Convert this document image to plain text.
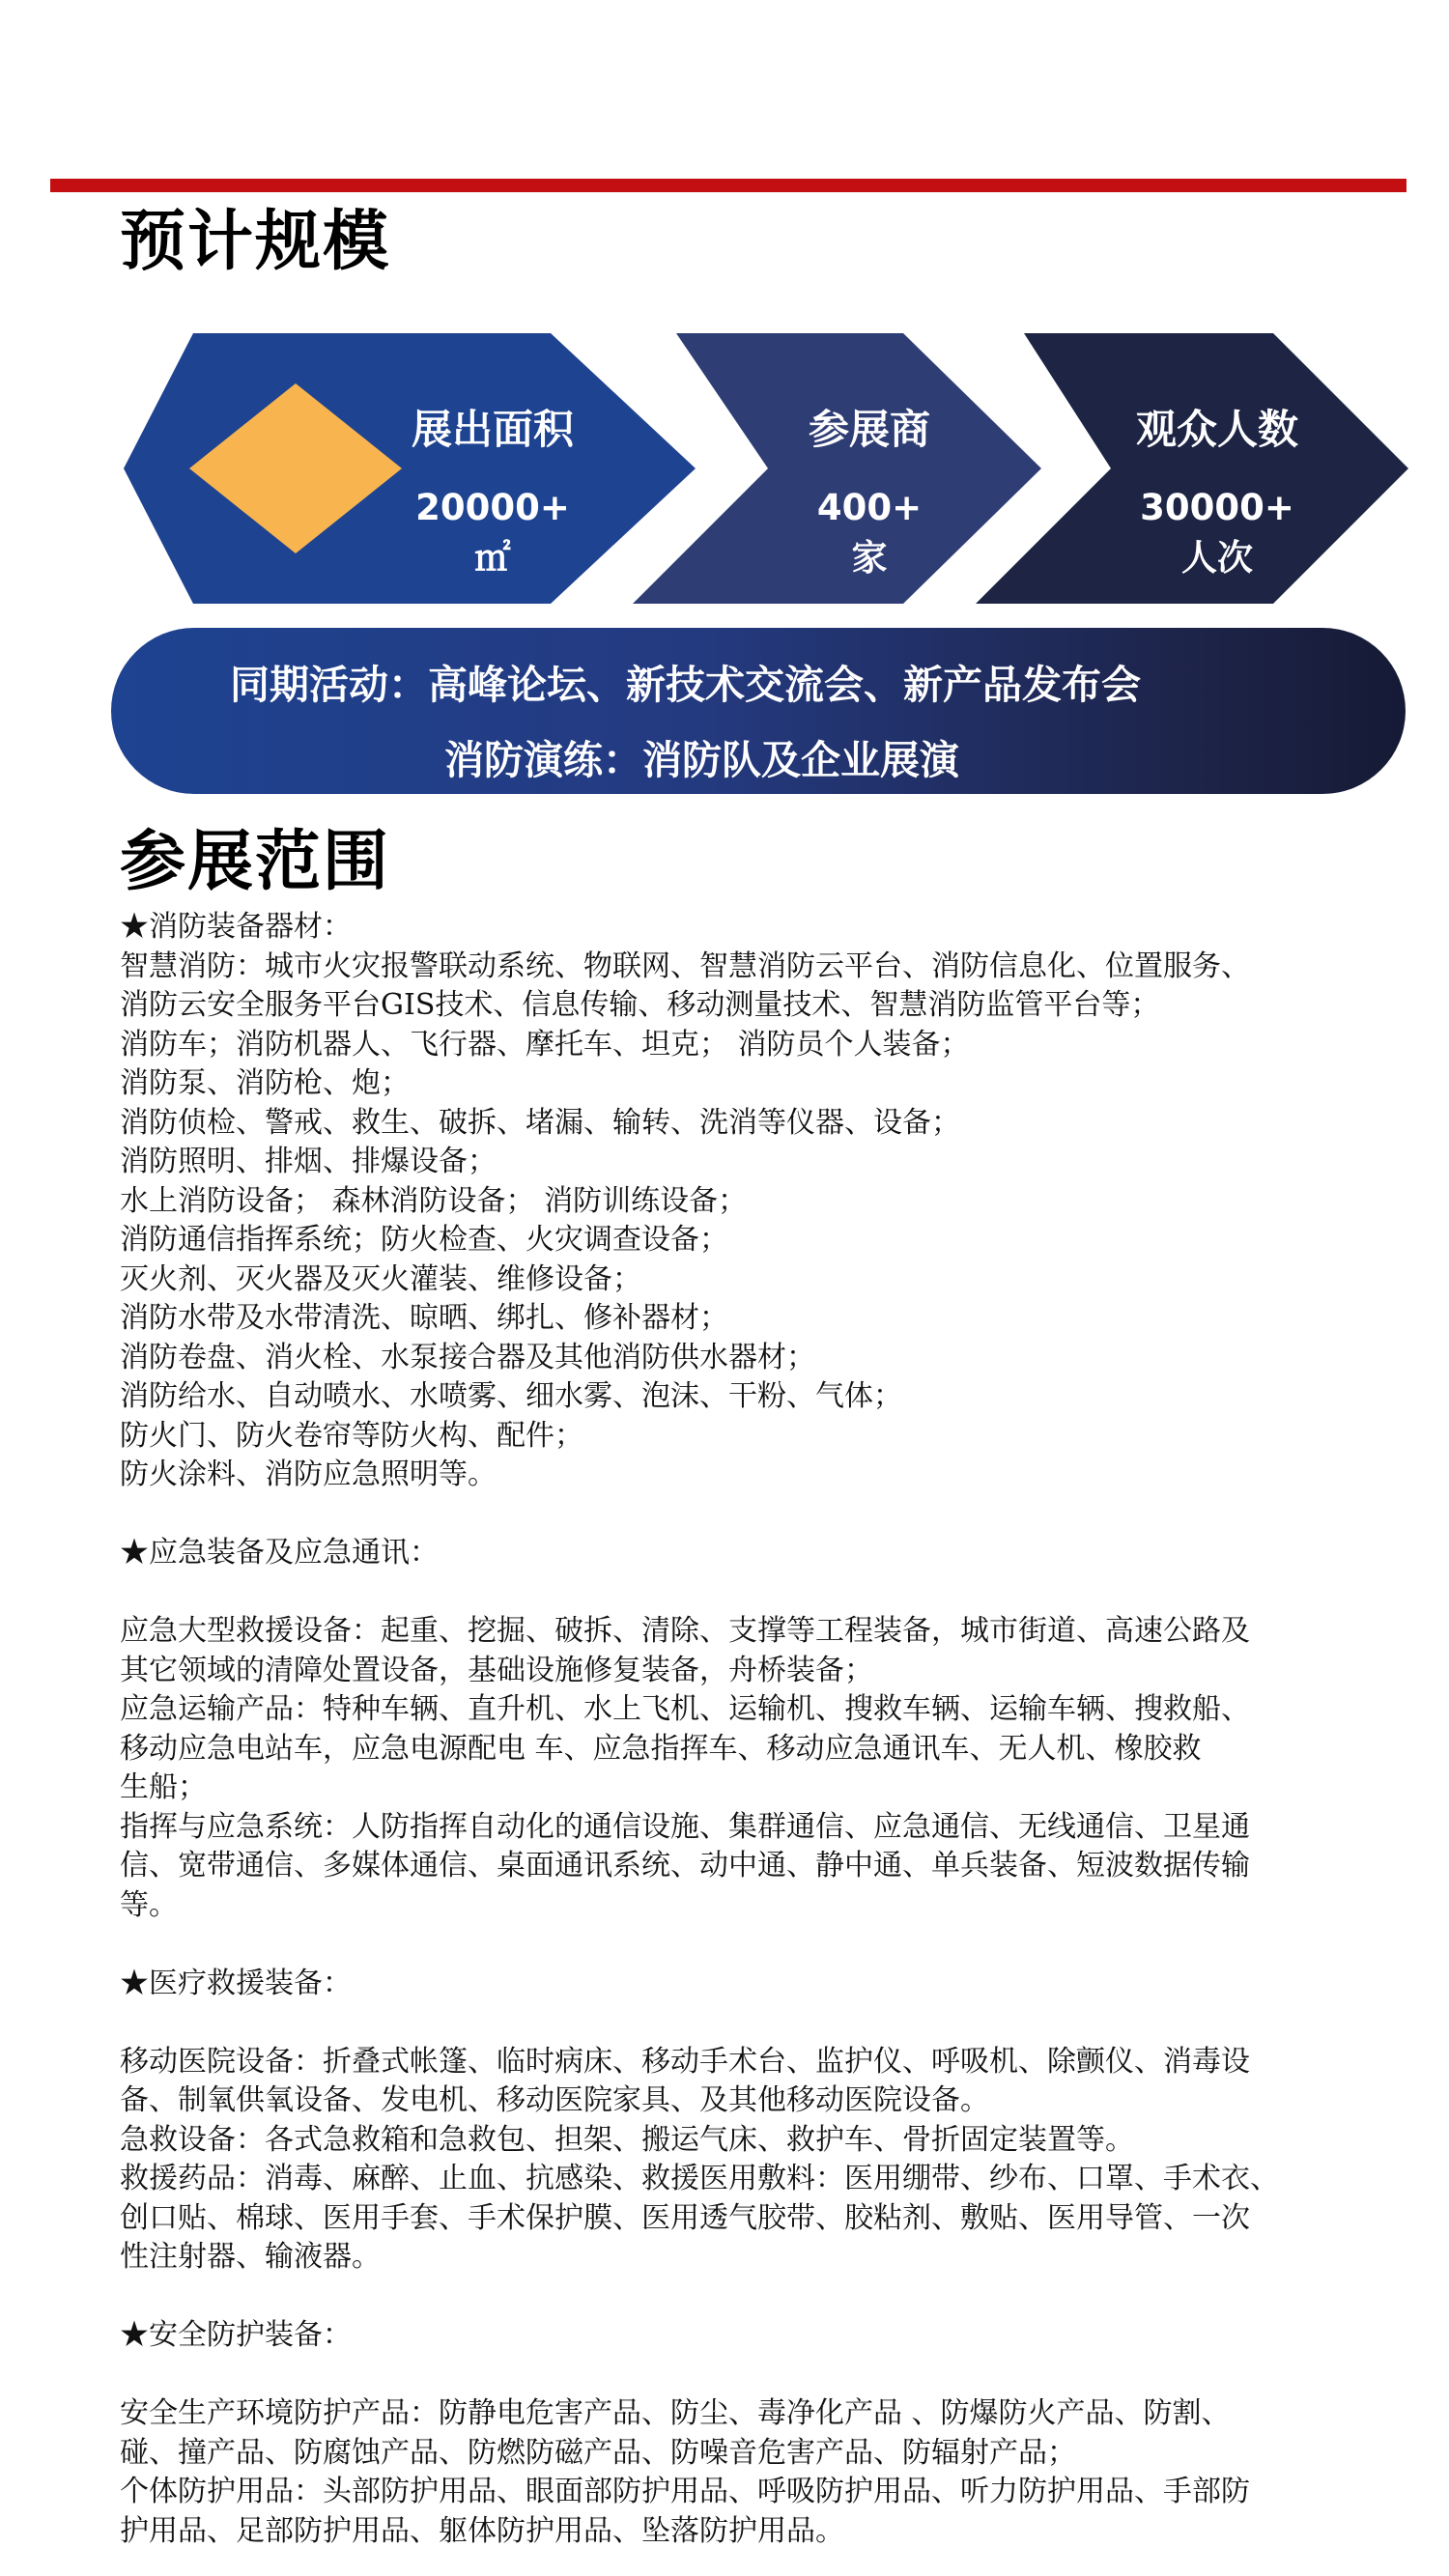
预计规模
展出面积
20000+
㎡
参展商
400+
家
观众人数
30000+
人次
同期活动：高峰论坛、新技术交流会、新产品发布会
消防演练：消防队及企业展演
参展范围

★消防装备器材：

智慧消防：城市火灾报警联动系统、物联网、智慧消防云平台、消防信息化、位置服务、

消防云安全服务平台GIS技术、信息传输、移动测量技术、智慧消防监管平台等；

消防车；消防机器人、飞行器、摩托车、坦克； 消防员个人装备；

消防泵、消防枪、炮；

消防侦检、警戒、救生、破拆、堵漏、输转、洗消等仪器、设备；

消防照明、排烟、排爆设备；

水上消防设备； 森林消防设备； 消防训练设备；

消防通信指挥系统；防火检查、火灾调查设备；

灭火剂、灭火器及灭火灌装、维修设备；

消防水带及水带清洗、晾晒、绑扎、修补器材；

消防卷盘、消火栓、水泵接合器及其他消防供水器材；

消防给水、自动喷水、水喷雾、细水雾、泡沫、干粉、气体；

防火门、防火卷帘等防火构、配件；

防火涂料、消防应急照明等。

★应急装备及应急通讯：

应急大型救援设备：起重、挖掘、破拆、清除、支撑等工程装备，城市街道、高速公路及

其它领域的清障处置设备，基础设施修复装备，舟桥装备；

应急运输产品：特种车辆、直升机、水上飞机、运输机、搜救车辆、运输车辆、搜救船、

移动应急电站车，应急电源配电 车、应急指挥车、移动应急通讯车、无人机、橡胶救

生船；

指挥与应急系统：人防指挥自动化的通信设施、集群通信、应急通信、无线通信、卫星通

信、宽带通信、多媒体通信、桌面通讯系统、动中通、静中通、单兵装备、短波数据传输

等。

★医疗救援装备：

移动医院设备：折叠式帐篷、临时病床、移动手术台、监护仪、呼吸机、除颤仪、消毒设

备、制氧供氧设备、发电机、移动医院家具、及其他移动医院设备。

急救设备：各式急救箱和急救包、担架、搬运气床、救护车、骨折固定装置等。

救援药品：消毒、麻醉、止血、抗感染、救援医用敷料：医用绷带、纱布、口罩、手术衣、

创口贴、棉球、医用手套、手术保护膜、医用透气胶带、胶粘剂、敷贴、医用导管、一次

性注射器、输液器。

★安全防护装备：

安全生产环境防护产品：防静电危害产品、防尘、毒净化产品 、防爆防火产品、防割、

碰、撞产品、防腐蚀产品、防燃防磁产品、防噪音危害产品、防辐射产品；

个体防护用品：头部防护用品、眼面部防护用品、呼吸防护用品、听力防护用品、手部防

护用品、足部防护用品、躯体防护用品、坠落防护用品。
